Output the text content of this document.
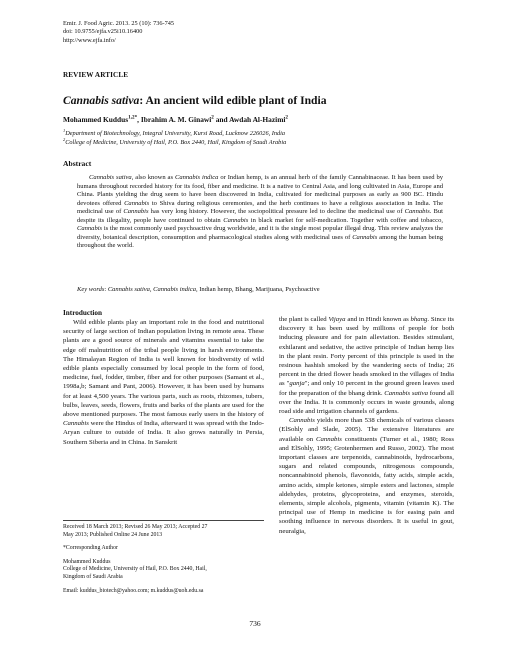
Emir. J. Food Agric. 2013. 25 (10): 736-745
doi: 10.9755/ejfa.v25i10.16400
http://www.ejfa.info/
REVIEW ARTICLE
Cannabis sativa: An ancient wild edible plant of India
Mohammed Kuddus$^{1,2*}$, Ibrahim A. M. Ginawi$^2$ and Awdah Al-Hazimi$^2$
$^1$Department of Biotechnology, Integral University, Kursi Road, Lucknow 226026, India
$^2$College of Medicine, University of Hail, P.O. Box 2440, Hail, Kingdom of Saudi Arabia
Abstract

Cannabis sativa, also known as Cannabis indica or Indian hemp, is an annual herb of the family Cannabinaceae. It has been used by humans throughout recorded history for its food, fiber and medicine. It is a native to Central Asia, and long cultivated in Asia, Europe and China. Plants yielding the drug seem to have been discovered in India, cultivated for medicinal purposes as early as 900 BC. Hindu devotees offered Cannabis to Shiva during religious ceremonies, and the herb continues to have a religious association in India. The medicinal use of Cannabis has very long history. However, the sociopolitical pressure led to decline the medicinal use of Cannabis. But despite its illegality, people have continued to obtain Cannabis in black market for self-medication. Together with coffee and tobacco, Cannabis is the most commonly used psychoactive drug worldwide, and it is the single most popular illegal drug. This review analyzes the diversity, botanical description, consumption and pharmacological studies along with medicinal uses of Cannabis among the human being throughout the world.

Key words: Cannabis sativa, Cannabis indica, Indian hemp, Bhang, Marijuana, Psychoactive
Introduction

Wild edible plants play an important role in the food and nutritional security of large section of Indian population living in remote area. These plants are a good source of minerals and vitamins essential to take the edge off malnutrition of the tribal people living in harsh environments. The Himalayan Region of India is well known for biodiversity of wild edible plants especially consumed by local people in the form of food, medicine, fuel, fodder, timber, fiber and for other purposes (Samant et al., 1998a,b; Samant and Pant, 2006). However, it has been used by humans for at least 4,500 years. The various parts, such as roots, rhizomes, tubers, bulbs, leaves, seeds, flowers, fruits and barks of the plants are used for the above mentioned purposes. The most famous early users in the history of Cannabis were the Hindus of India, afterward it was spread with the Indo-Aryan culture to outside of India. It also grows naturally in Persia, Southern Siberia and in China. In Sanskrit

the plant is called Vijaya and in Hindi known as bhang. Since its discovery it has been used by millions of people for both inducing pleasure and for pain alleviation. Besides stimulant, exhilarant and sedative, the active principle of Indian hemp lies in the plant resin. Forty percent of this principle is used in the resinous hashish smoked by the wandering sects of India; 26 percent in the dried flower heads smoked in the villages of India as "ganja"; and only 10 percent in the ground green leaves used for the preparation of the bhang drink. Cannabis sativa found all over the India. It is commonly occurs in waste grounds, along road side and irrigation channels of gardens.

Cannabis yields more than 538 chemicals of various classes (ElSohly and Slade, 2005). The extensive literatures are available on Cannabis constituents (Turner et al., 1980; Ross and ElSohly, 1995; Grotenhermen and Russo, 2002). The most important classes are terpenoids, cannabinoids, hydrocarbons, sugars and related compounds, nitrogenous compounds, noncannabinoid phenols, flavonoids, fatty acids, simple acids, amino acids, simple ketones, simple esters and lactones, simple aldehydes, proteins, glycoproteins, and enzymes, steroids, elements, simple alcohols, pigments, vitamin (vitamin K). The principal use of Hemp in medicine is for easing pain and soothing influence in nervous disorders. It is useful in gout, neuralgia,

Received 18 March 2013; Revised 26 May 2013; Accepted 27
May 2013; Published Online 24 June 2013
*Corresponding Author
Mohammed Kuddus
College of Medicine, University of Hail, P.O. Box 2440, Hail,
Kingdom of Saudi Arabia
Email: kuddus_biotech@yahoo.com; m.kuddus@uoh.edu.sa
736
